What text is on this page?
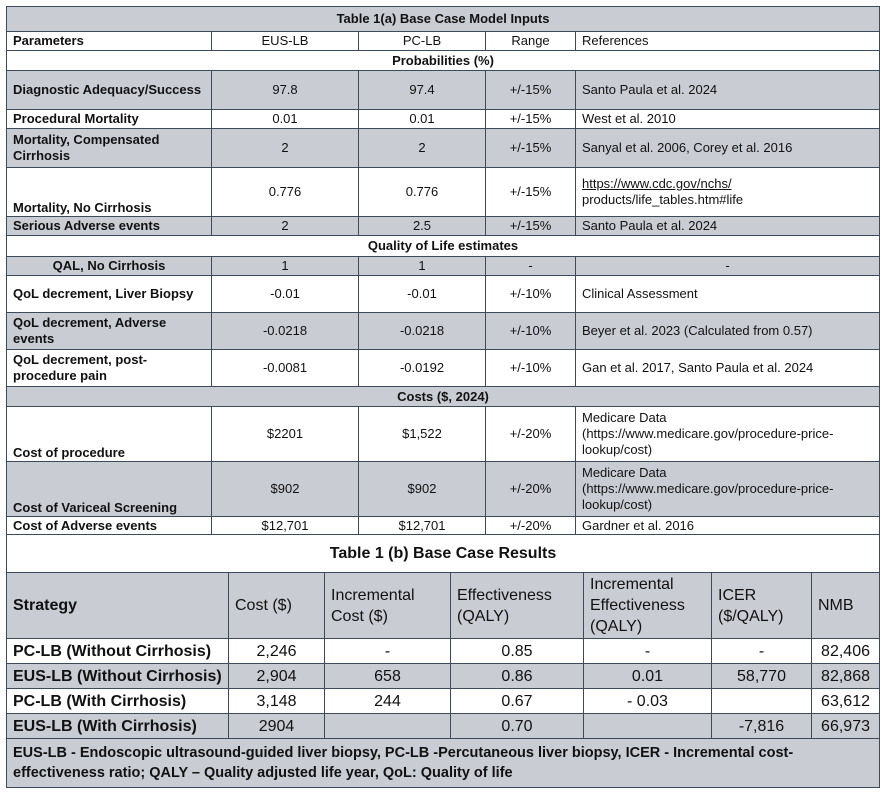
Table 1(a) Base Case Model Inputs				
Parameters	EUS-LB	PC-LB	Range	References
Probabilities (%)				
Diagnostic Adequacy/Success	97.8	97.4	+/-15%	Santo Paula et al. 2024
Procedural Mortality	0.01	0.01	+/-15%	West et al. 2010
Mortality, Compensated Cirrhosis	2	2	+/-15%	Sanyal et al. 2006, Corey et al. 2016
Mortality, No Cirrhosis	0.776	0.776	+/-15%	https://www.cdc.gov/nchs/
products/life_tables.htm#life
Serious Adverse events	2	2.5	+/-15%	Santo Paula et al. 2024
Quality of Life estimates				
QAL, No Cirrhosis	1	1	-	-
QoL decrement, Liver Biopsy	-0.01	-0.01	+/-10%	Clinical Assessment
QoL decrement, Adverse events	-0.0218	-0.0218	+/-10%	Beyer et al. 2023 (Calculated from 0.57)
QoL decrement, post-procedure pain	-0.0081	-0.0192	+/-10%	Gan et al. 2017, Santo Paula et al. 2024
Costs ($, 2024)				
Cost of procedure	$2201	$1,522	+/-20%	Medicare Data (https://www.medicare.gov/procedure-price-lookup/cost)
Cost of Variceal Screening	$902	$902	+/-20%	Medicare Data (https://www.medicare.gov/procedure-price-lookup/cost)
Cost of Adverse events	$12,701	$12,701	+/-20%	Gardner et al. 2016
Table 1 (b) Base Case Results						
Strategy	Cost ($)	Incremental Cost ($)	Effectiveness (QALY)	Incremental Effectiveness (QALY)	ICER ($/QALY)	NMB
PC-LB (Without Cirrhosis)	2,246	-	0.85	-	-	82,406
EUS-LB (Without Cirrhosis)	2,904	658	0.86	0.01	58,770	82,868
PC-LB (With Cirrhosis)	3,148	244	0.67	- 0.03		63,612
EUS-LB (With Cirrhosis)	2904		0.70		-7,816	66,973
EUS-LB - Endoscopic ultrasound-guided liver biopsy, PC-LB -Percutaneous liver biopsy, ICER - Incremental cost-effectiveness ratio; QALY – Quality adjusted life year, QoL: Quality of life						
